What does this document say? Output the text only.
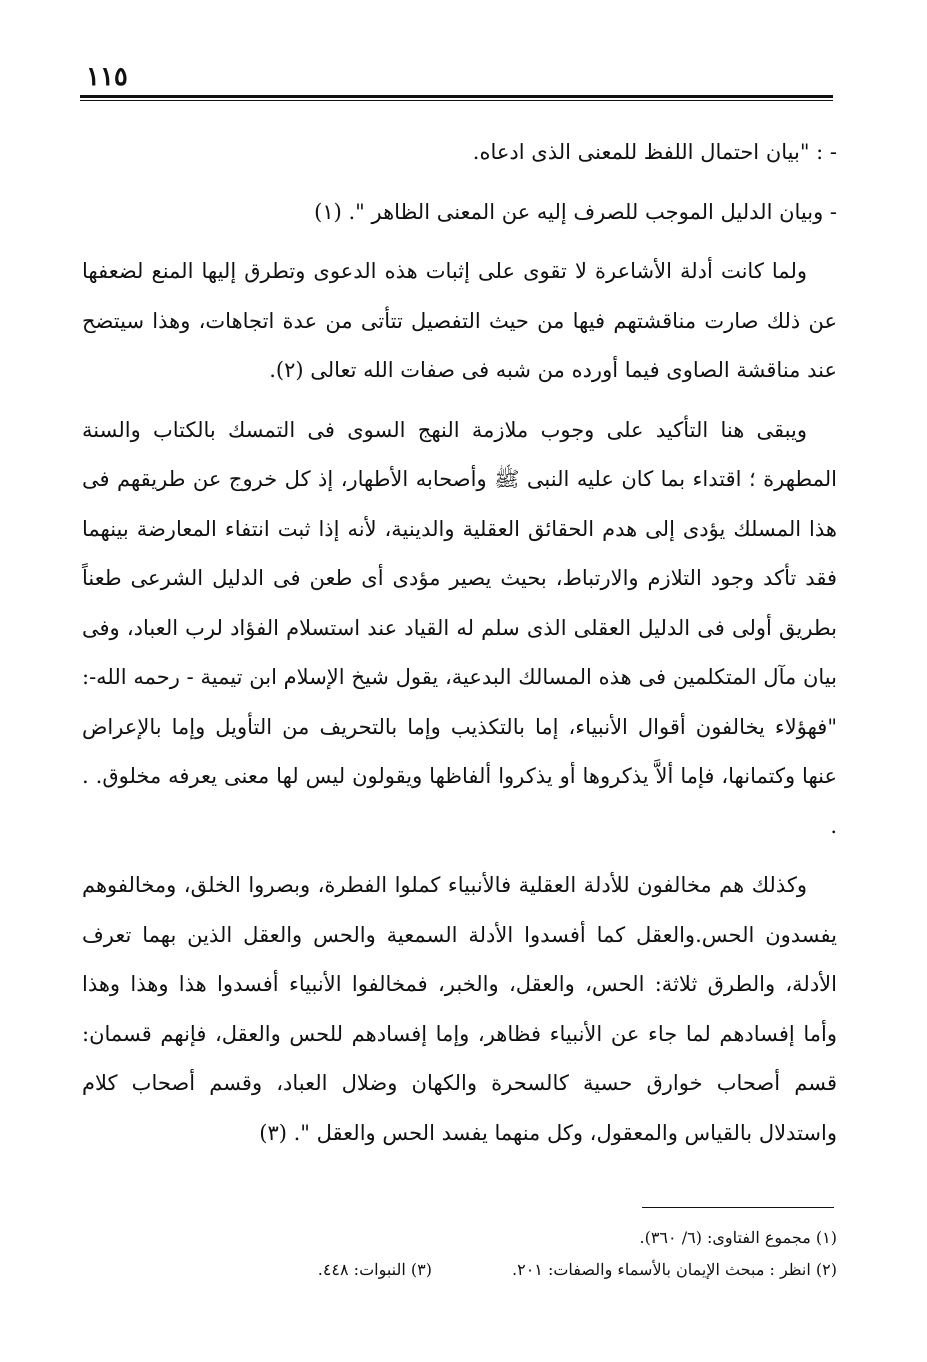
١١٥

- : "بيان احتمال اللفظ للمعنى الذى ادعاه.

- وبيان الدليل الموجب للصرف إليه عن المعنى الظاهر ". (١)

ولما كانت أدلة الأشاعرة لا تقوى على إثبات هذه الدعوى وتطرق إليها المنع لضعفها عن ذلك صارت مناقشتهم فيها من حيث التفصيل تتأتى من عدة اتجاهات، وهذا سيتضح عند مناقشة الصاوى فيما أورده من شبه فى صفات الله تعالى (٢).

ويبقى هنا التأكيد على وجوب ملازمة النهج السوى فى التمسك بالكتاب والسنة المطهرة ؛ اقتداء بما كان عليه النبى ﷺ وأصحابه الأطهار، إذ كل خروج عن طريقهم فى هذا المسلك يؤدى إلى هدم الحقائق العقلية والدينية، لأنه إذا ثبت انتفاء المعارضة بينهما فقد تأكد وجود التلازم والارتباط، بحيث يصير مؤدى أى طعن فى الدليل الشرعى طعناً بطريق أولى فى الدليل العقلى الذى سلم له القياد عند استسلام الفؤاد لرب العباد، وفى بيان مآل المتكلمين فى هذه المسالك البدعية، يقول شيخ الإسلام ابن تيمية - رحمه الله-: "فهؤلاء يخالفون أقوال الأنبياء، إما بالتكذيب وإما بالتحريف من التأويل وإما بالإعراض عنها وكتمانها، فإما ألاَّ يذكروها أو يذكروا ألفاظها ويقولون ليس لها معنى يعرفه مخلوق. . .

وكذلك هم مخالفون للأدلة العقلية فالأنبياء كملوا الفطرة، وبصروا الخلق، ومخالفوهم يفسدون الحس.والعقل كما أفسدوا الأدلة السمعية والحس والعقل الذين بهما تعرف الأدلة، والطرق ثلاثة: الحس، والعقل، والخبر، فمخالفوا الأنبياء أفسدوا هذا وهذا وهذا وأما إفسادهم لما جاء عن الأنبياء فظاهر، وإما إفسادهم للحس والعقل، فإنهم قسمان: قسم أصحاب خوارق حسية كالسحرة والكهان وضلال العباد، وقسم أصحاب كلام واستدلال بالقياس والمعقول، وكل منهما يفسد الحس والعقل ". (٣)

(١) مجموع الفتاوى: (٦/ ٣٦٠).
(٢) انظر : مبحث الإيمان بالأسماء والصفات: ٢٠١.
(٣) النبوات: ٤٤٨.
